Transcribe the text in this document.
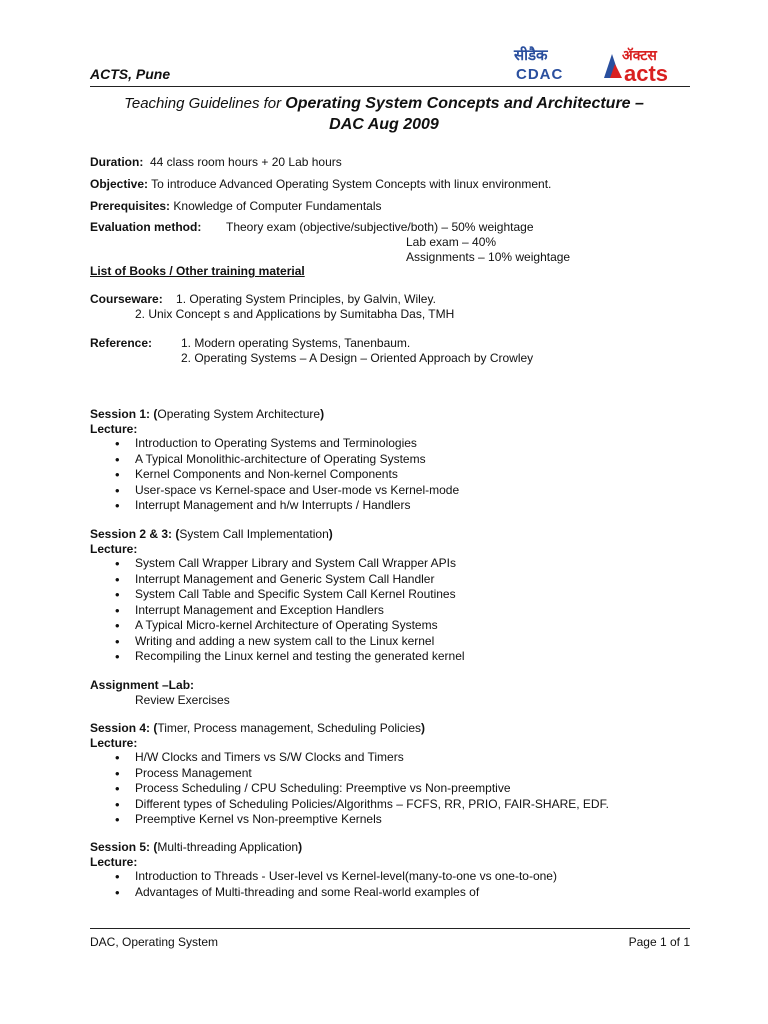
ACTS, Pune
सीडैक
CDAC
ॲक्टस
acts
Teaching Guidelines for Operating System Concepts and Architecture –
DAC Aug 2009
Duration: 44 class room hours + 20 Lab hours
Objective: To introduce Advanced Operating System Concepts with linux environment.
Prerequisites: Knowledge of Computer Fundamentals
Evaluation method: Theory exam (objective/subjective/both) – 50% weightage
Lab exam – 40%
Assignments – 10% weightage
List of Books / Other training material
Courseware: 1. Operating System Principles, by Galvin, Wiley.
2. Unix Concept s and Applications by Sumitabha Das, TMH
Reference: 1. Modern operating Systems, Tanenbaum.
2. Operating Systems – A Design – Oriented Approach by Crowley
Session 1: (Operating System Architecture)
Lecture:
• Introduction to Operating Systems and Terminologies
• A Typical Monolithic-architecture of Operating Systems
• Kernel Components and Non-kernel Components
• User-space vs Kernel-space and User-mode vs Kernel-mode
• Interrupt Management and h/w Interrupts / Handlers
Session 2 & 3: (System Call Implementation)
Lecture:
• System Call Wrapper Library and System Call Wrapper APIs
• Interrupt Management and Generic System Call Handler
• System Call Table and Specific System Call Kernel Routines
• Interrupt Management and Exception Handlers
• A Typical Micro-kernel Architecture of Operating Systems
• Writing and adding a new system call to the Linux kernel
• Recompiling the Linux kernel and testing the generated kernel
Assignment –Lab:
Review Exercises
Session 4: (Timer, Process management, Scheduling Policies)
Lecture:
• H/W Clocks and Timers vs S/W Clocks and Timers
• Process Management
• Process Scheduling / CPU Scheduling: Preemptive vs Non-preemptive
• Different types of Scheduling Policies/Algorithms – FCFS, RR, PRIO, FAIR-SHARE, EDF.
• Preemptive Kernel vs Non-preemptive Kernels
Session 5: (Multi-threading Application)
Lecture:
• Introduction to Threads - User-level vs Kernel-level(many-to-one vs one-to-one)
• Advantages of Multi-threading and some Real-world examples of
DAC, Operating System	Page 1 of 1
